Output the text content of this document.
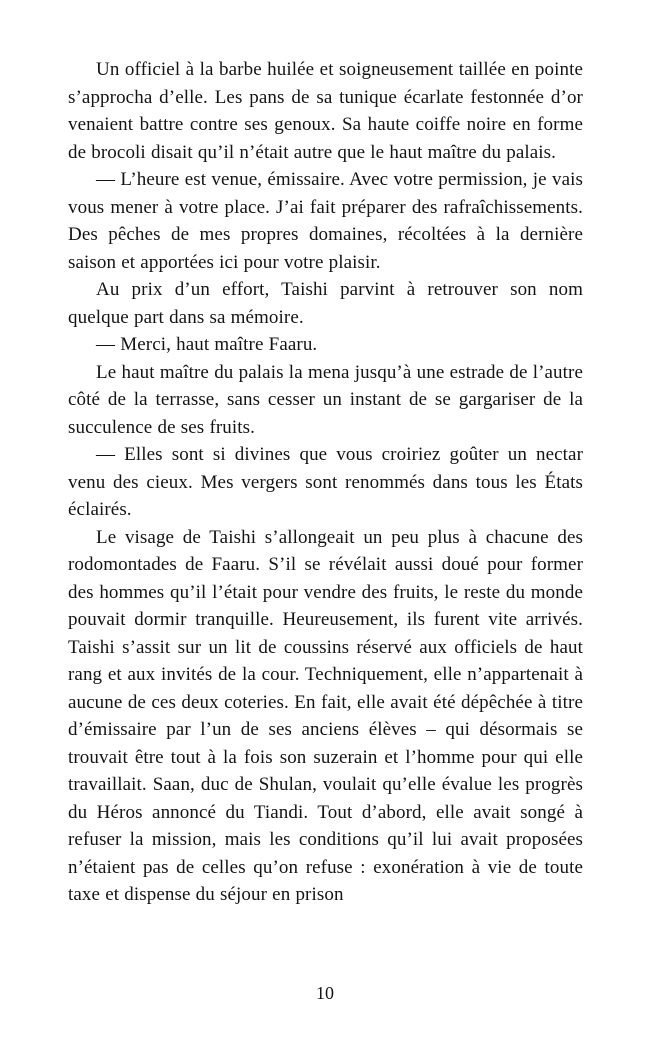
Un officiel à la barbe huilée et soigneusement taillée en pointe s’approcha d’elle. Les pans de sa tunique écarlate festonnée d’or venaient battre contre ses genoux. Sa haute coiffe noire en forme de brocoli disait qu’il n’était autre que le haut maître du palais.

— L’heure est venue, émissaire. Avec votre permission, je vais vous mener à votre place. J’ai fait préparer des rafraîchissements. Des pêches de mes propres domaines, récoltées à la dernière saison et apportées ici pour votre plaisir.

Au prix d’un effort, Taishi parvint à retrouver son nom quelque part dans sa mémoire.

— Merci, haut maître Faaru.

Le haut maître du palais la mena jusqu’à une estrade de l’autre côté de la terrasse, sans cesser un instant de se gargariser de la succulence de ses fruits.

— Elles sont si divines que vous croiriez goûter un nectar venu des cieux. Mes vergers sont renommés dans tous les États éclairés.

Le visage de Taishi s’allongeait un peu plus à chacune des rodomontades de Faaru. S’il se révélait aussi doué pour former des hommes qu’il l’était pour vendre des fruits, le reste du monde pouvait dormir tranquille. Heureusement, ils furent vite arrivés. Taishi s’assit sur un lit de coussins réservé aux officiels de haut rang et aux invités de la cour. Techniquement, elle n’appartenait à aucune de ces deux coteries. En fait, elle avait été dépêchée à titre d’émissaire par l’un de ses anciens élèves – qui désormais se trouvait être tout à la fois son suzerain et l’homme pour qui elle travaillait. Saan, duc de Shulan, voulait qu’elle évalue les progrès du Héros annoncé du Tiandi. Tout d’abord, elle avait songé à refuser la mission, mais les conditions qu’il lui avait proposées n’étaient pas de celles qu’on refuse : exonération à vie de toute taxe et dispense du séjour en prison

10
